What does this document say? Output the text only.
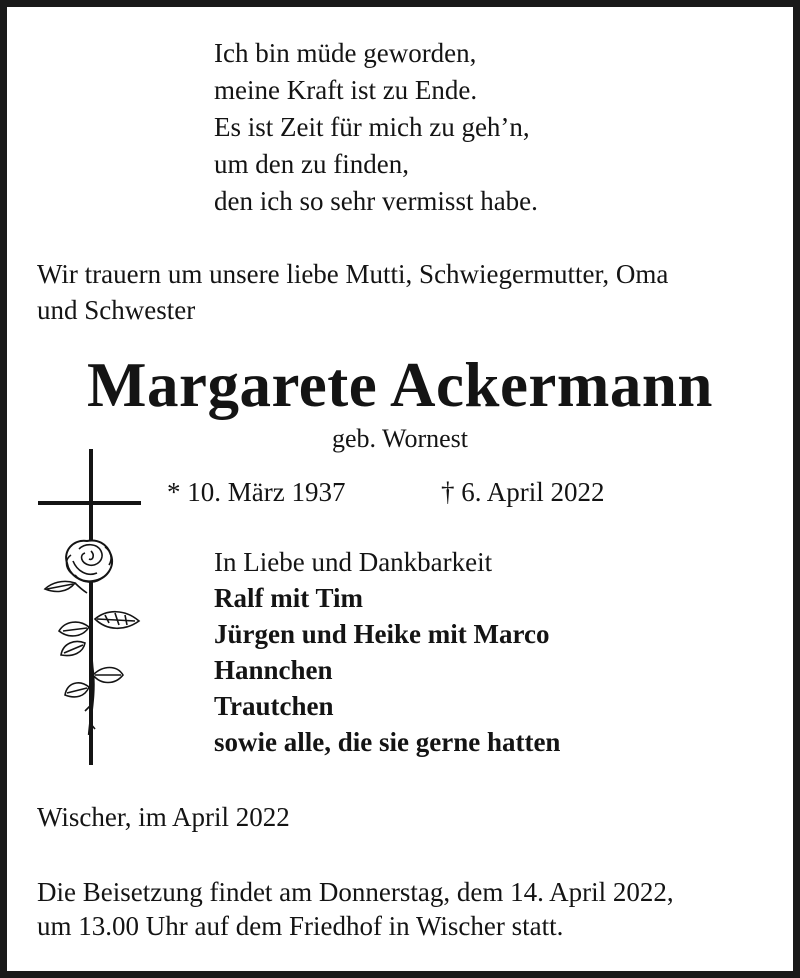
Ich bin müde geworden,
meine Kraft ist zu Ende.
Es ist Zeit für mich zu geh’n,
um den zu finden,
den ich so sehr vermisst habe.
Wir trauern um unsere liebe Mutti, Schwiegermutter, Oma
und Schwester
Margarete Ackermann
geb. Wornest
* 10. März 1937	† 6. April 2022
In Liebe und Dankbarkeit
Ralf mit Tim
Jürgen und Heike mit Marco
Hannchen
Trautchen
sowie alle, die sie gerne hatten
Wischer, im April 2022
Die Beisetzung findet am Donnerstag, dem 14. April 2022,
um 13.00 Uhr auf dem Friedhof in Wischer statt.
